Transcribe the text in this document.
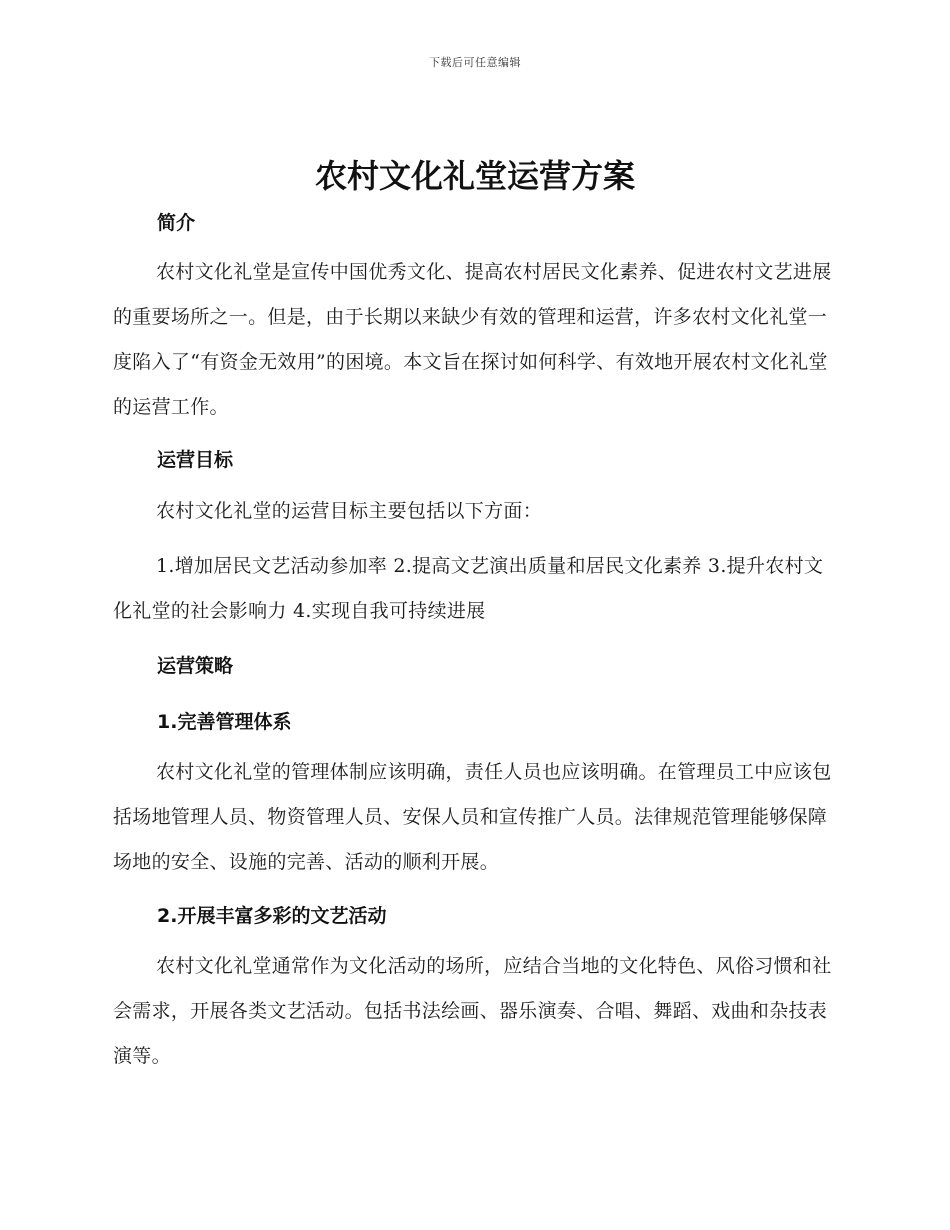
下载后可任意编辑
农村文化礼堂运营方案
简介

农村文化礼堂是宣传中国优秀文化、提高农村居民文化素养、促进农村文艺进展的重要场所之一。但是，由于长期以来缺少有效的管理和运营，许多农村文化礼堂一度陷入了“有资金无效用”的困境。本文旨在探讨如何科学、有效地开展农村文化礼堂的运营工作。

运营目标

农村文化礼堂的运营目标主要包括以下方面：

1.增加居民文艺活动参加率 2.提高文艺演出质量和居民文化素养 3.提升农村文化礼堂的社会影响力 4.实现自我可持续进展

运营策略
1.完善管理体系

农村文化礼堂的管理体制应该明确，责任人员也应该明确。在管理员工中应该包括场地管理人员、物资管理人员、安保人员和宣传推广人员。法律规范管理能够保障场地的安全、设施的完善、活动的顺利开展。

2.开展丰富多彩的文艺活动

农村文化礼堂通常作为文化活动的场所，应结合当地的文化特色、风俗习惯和社会需求，开展各类文艺活动。包括书法绘画、器乐演奏、合唱、舞蹈、戏曲和杂技表演等。
